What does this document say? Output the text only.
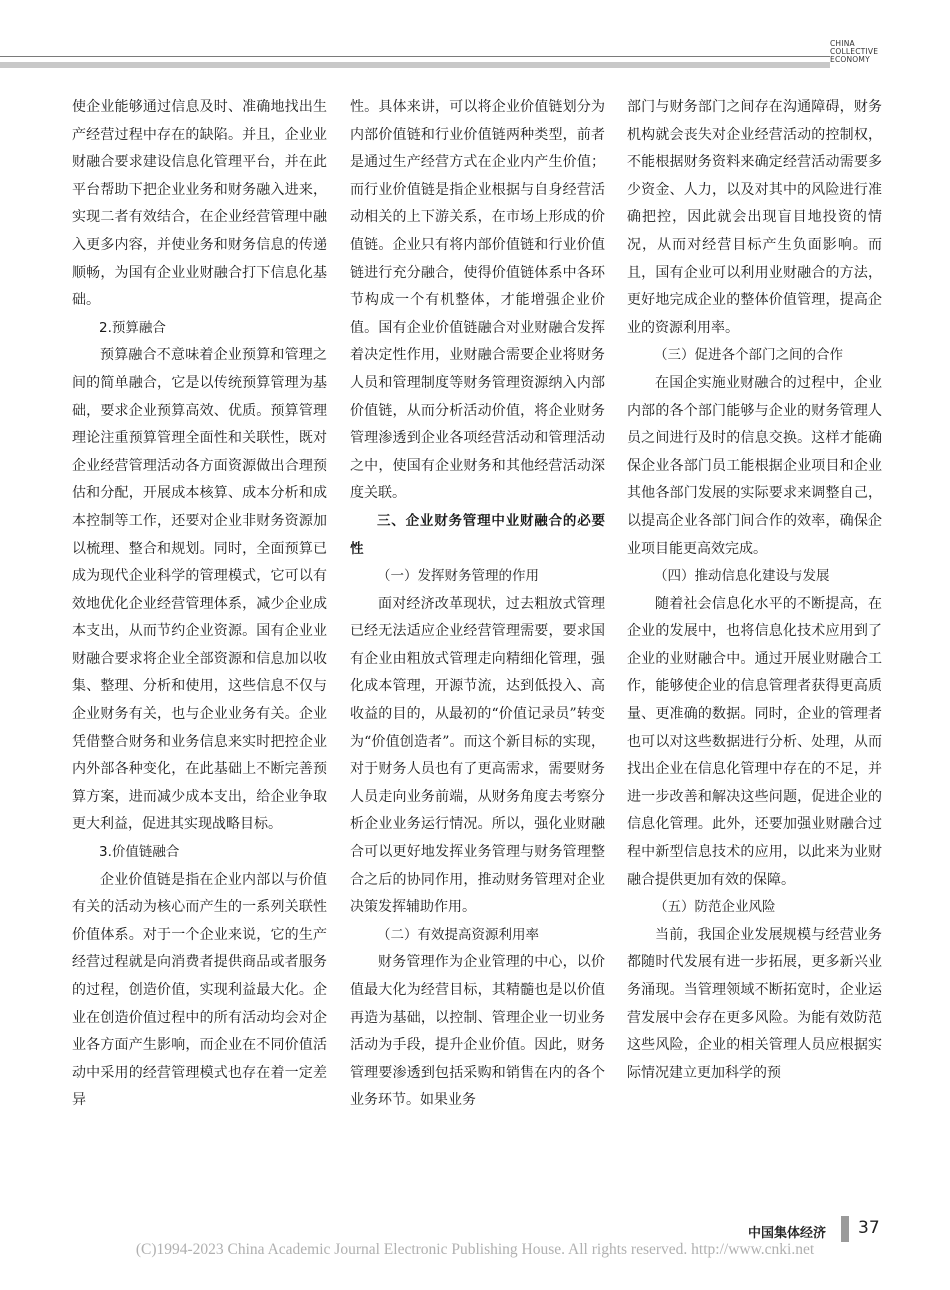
CHINA
COLLECTIVE
ECONOMY

使企业能够通过信息及时、准确地找出生产经营过程中存在的缺陷。并且，企业业财融合要求建设信息化管理平台，并在此平台帮助下把企业业务和财务融入进来，实现二者有效结合，在企业经营管理中融入更多内容，并使业务和财务信息的传递顺畅，为国有企业业财融合打下信息化基础。

2.预算融合

预算融合不意味着企业预算和管理之间的简单融合，它是以传统预算管理为基础，要求企业预算高效、优质。预算管理理论注重预算管理全面性和关联性，既对企业经营管理活动各方面资源做出合理预估和分配，开展成本核算、成本分析和成本控制等工作，还要对企业非财务资源加以梳理、整合和规划。同时，全面预算已成为现代企业科学的管理模式，它可以有效地优化企业经营管理体系，减少企业成本支出，从而节约企业资源。国有企业业财融合要求将企业全部资源和信息加以收集、整理、分析和使用，这些信息不仅与企业财务有关，也与企业业务有关。企业凭借整合财务和业务信息来实时把控企业内外部各种变化，在此基础上不断完善预算方案，进而减少成本支出，给企业争取更大利益，促进其实现战略目标。

3.价值链融合

企业价值链是指在企业内部以与价值有关的活动为核心而产生的一系列关联性价值体系。对于一个企业来说，它的生产经营过程就是向消费者提供商品或者服务的过程，创造价值，实现利益最大化。企业在创造价值过程中的所有活动均会对企业各方面产生影响，而企业在不同价值活动中采用的经营管理模式也存在着一定差异

性。具体来讲，可以将企业价值链划分为内部价值链和行业价值链两种类型，前者是通过生产经营方式在企业内产生价值；而行业价值链是指企业根据与自身经营活动相关的上下游关系，在市场上形成的价值链。企业只有将内部价值链和行业价值链进行充分融合，使得价值链体系中各环节构成一个有机整体，才能增强企业价值。国有企业价值链融合对业财融合发挥着决定性作用，业财融合需要企业将财务人员和管理制度等财务管理资源纳入内部价值链，从而分析活动价值，将企业财务管理渗透到企业各项经营活动和管理活动之中，使国有企业财务和其他经营活动深度关联。

三、企业财务管理中业财融合的必要性

（一）发挥财务管理的作用

面对经济改革现状，过去粗放式管理已经无法适应企业经营管理需要，要求国有企业由粗放式管理走向精细化管理，强化成本管理，开源节流，达到低投入、高收益的目的，从最初的“价值记录员”转变为“价值创造者”。而这个新目标的实现，对于财务人员也有了更高需求，需要财务人员走向业务前端，从财务角度去考察分析企业业务运行情况。所以，强化业财融合可以更好地发挥业务管理与财务管理整合之后的协同作用，推动财务管理对企业决策发挥辅助作用。

（二）有效提高资源利用率

财务管理作为企业管理的中心，以价值最大化为经营目标，其精髓也是以价值再造为基础，以控制、管理企业一切业务活动为手段，提升企业价值。因此，财务管理要渗透到包括采购和销售在内的各个业务环节。如果业务

部门与财务部门之间存在沟通障碍，财务机构就会丧失对企业经营活动的控制权，不能根据财务资料来确定经营活动需要多少资金、人力，以及对其中的风险进行准确把控，因此就会出现盲目地投资的情况，从而对经营目标产生负面影响。而且，国有企业可以利用业财融合的方法，更好地完成企业的整体价值管理，提高企业的资源利用率。

（三）促进各个部门之间的合作

在国企实施业财融合的过程中，企业内部的各个部门能够与企业的财务管理人员之间进行及时的信息交换。这样才能确保企业各部门员工能根据企业项目和企业其他各部门发展的实际要求来调整自己，以提高企业各部门间合作的效率，确保企业项目能更高效完成。

（四）推动信息化建设与发展

随着社会信息化水平的不断提高，在企业的发展中，也将信息化技术应用到了企业的业财融合中。通过开展业财融合工作，能够使企业的信息管理者获得更高质量、更准确的数据。同时，企业的管理者也可以对这些数据进行分析、处理，从而找出企业在信息化管理中存在的不足，并进一步改善和解决这些问题，促进企业的信息化管理。此外，还要加强业财融合过程中新型信息技术的应用，以此来为业财融合提供更加有效的保障。

（五）防范企业风险

当前，我国企业发展规模与经营业务都随时代发展有进一步拓展，更多新兴业务涌现。当管理领域不断拓宽时，企业运营发展中会存在更多风险。为能有效防范这些风险，企业的相关管理人员应根据实际情况建立更加科学的预

中国集体经济 37
(C)1994-2023 China Academic Journal Electronic Publishing House. All rights reserved. http://www.cnki.net
